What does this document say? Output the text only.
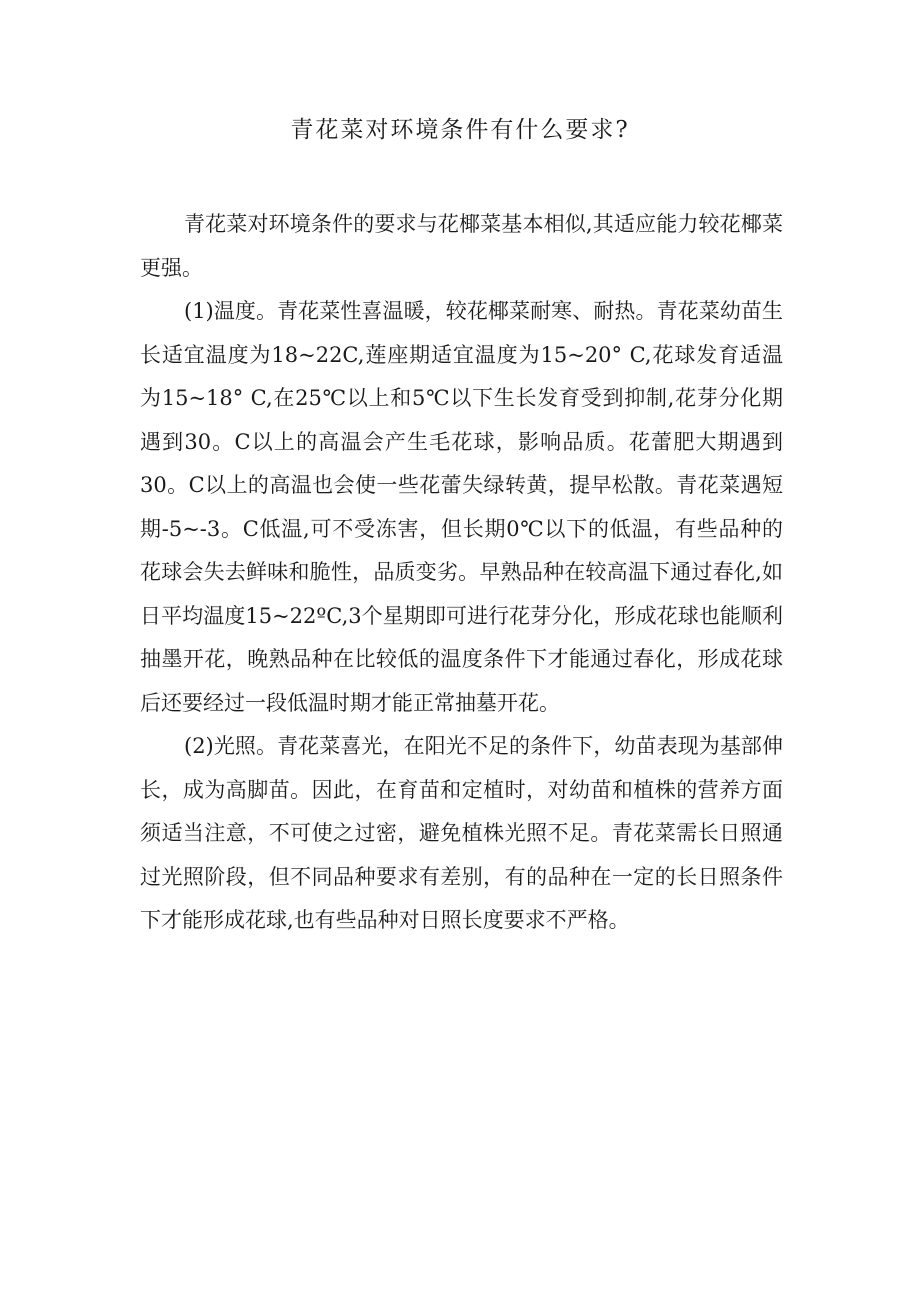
青花菜对环境条件有什么要求?

青花菜对环境条件的要求与花椰菜基本相似,其适应能力较花椰菜更强。

(1)温度。青花菜性喜温暖，较花椰菜耐寒、耐热。青花菜幼苗生长适宜温度为18~22C,莲座期适宜温度为15~20° C,花球发育适温为15~18° C,在25℃以上和5℃以下生长发育受到抑制,花芽分化期遇到30。C以上的高温会产生毛花球，影响品质。花蕾肥大期遇到30。C以上的高温也会使一些花蕾失绿转黄，提早松散。青花菜遇短期-5~-3。C低温,可不受冻害，但长期0℃以下的低温，有些品种的花球会失去鲜味和脆性，品质变劣。早熟品种在较高温下通过春化,如日平均温度15~22ºC,3个星期即可进行花芽分化，形成花球也能顺利抽墨开花，晚熟品种在比较低的温度条件下才能通过春化，形成花球后还要经过一段低温时期才能正常抽墓开花。

(2)光照。青花菜喜光，在阳光不足的条件下，幼苗表现为基部伸长，成为高脚苗。因此，在育苗和定植时，对幼苗和植株的营养方面须适当注意，不可使之过密，避免植株光照不足。青花菜需长日照通过光照阶段，但不同品种要求有差别，有的品种在一定的长日照条件下才能形成花球,也有些品种对日照长度要求不严格。
